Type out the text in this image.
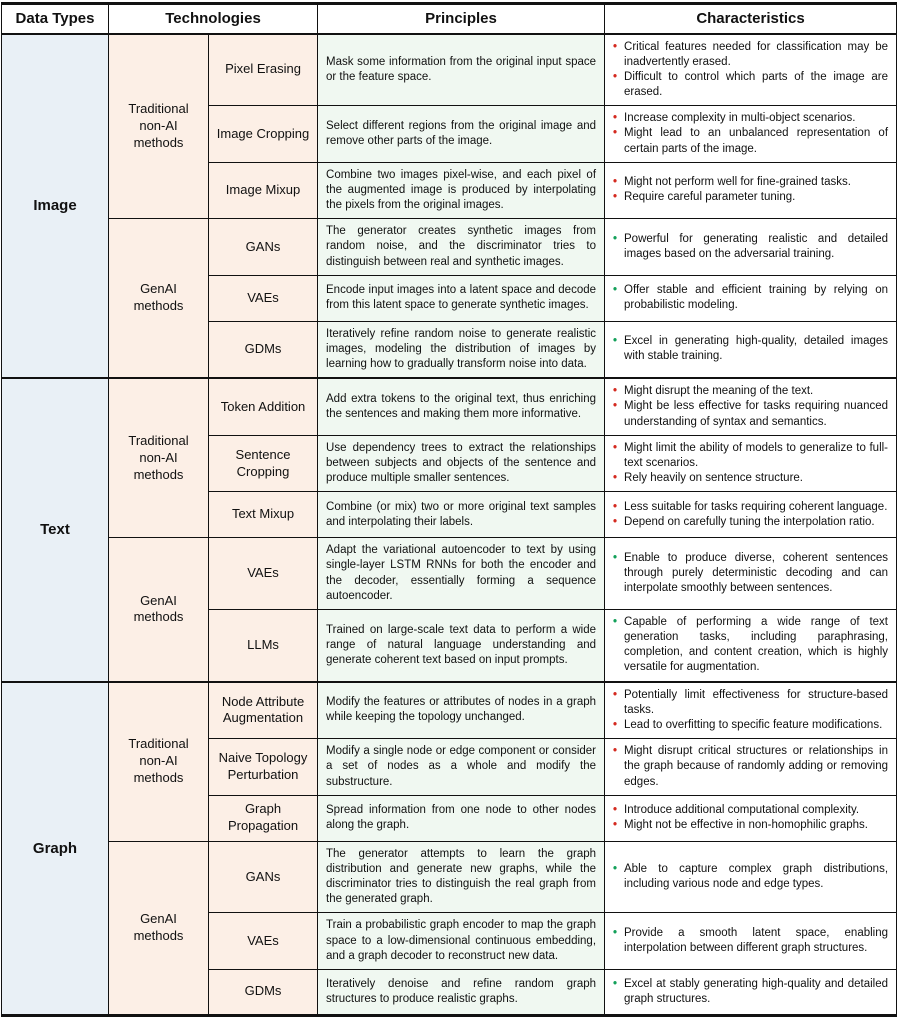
Data Types	Technologies		Principles	Characteristics
Image	Traditional non-AI methods	Pixel Erasing	Mask some information from the original input space or the feature space.	
• Critical features needed for classification may be inadvertently erased.
• Difficult to control which parts of the image are erased.

Image Cropping	Select different regions from the original image and remove other parts of the image.	
• Increase complexity in multi-object scenarios.
• Might lead to an unbalanced representation of certain parts of the image.

Image Mixup	Combine two images pixel-wise, and each pixel of the augmented image is produced by interpolating the pixels from the original images.	
• Might not perform well for fine-grained tasks.
• Require careful parameter tuning.

GenAI methods	GANs	The generator creates synthetic images from random noise, and the discriminator tries to distinguish between real and synthetic images.	
• Powerful for generating realistic and detailed images based on the adversarial training.

VAEs	Encode input images into a latent space and decode from this latent space to generate synthetic images.	
• Offer stable and efficient training by relying on probabilistic modeling.

GDMs	Iteratively refine random noise to generate realistic images, modeling the distribution of images by learning how to gradually transform noise into data.	
• Excel in generating high-quality, detailed images with stable training.

Text	Traditional non-AI methods	Token Addition	Add extra tokens to the original text, thus enriching the sentences and making them more informative.	
• Might disrupt the meaning of the text.
• Might be less effective for tasks requiring nuanced understanding of syntax and semantics.

Sentence Cropping	Use dependency trees to extract the relationships between subjects and objects of the sentence and produce multiple smaller sentences.	
• Might limit the ability of models to generalize to full-text scenarios.
• Rely heavily on sentence structure.

Text Mixup	Combine (or mix) two or more original text samples and interpolating their labels.	
• Less suitable for tasks requiring coherent language.
• Depend on carefully tuning the interpolation ratio.

GenAI methods	VAEs	Adapt the variational autoencoder to text by using single-layer LSTM RNNs for both the encoder and the decoder, essentially forming a sequence autoencoder.	
• Enable to produce diverse, coherent sentences through purely deterministic decoding and can interpolate smoothly between sentences.

LLMs	Trained on large-scale text data to perform a wide range of natural language understanding and generate coherent text based on input prompts.	
• Capable of performing a wide range of text generation tasks, including paraphrasing, completion, and content creation, which is highly versatile for augmentation.

Graph	Traditional non-AI methods	Node Attribute Augmentation	Modify the features or attributes of nodes in a graph while keeping the topology unchanged.	
• Potentially limit effectiveness for structure-based tasks.
• Lead to overfitting to specific feature modifications.

Naive Topology Perturbation	Modify a single node or edge component or consider a set of nodes as a whole and modify the substructure.	
• Might disrupt critical structures or relationships in the graph because of randomly adding or removing edges.

Graph Propagation	Spread information from one node to other nodes along the graph.	
• Introduce additional computational complexity.
• Might not be effective in non-homophilic graphs.

GenAI methods	GANs	The generator attempts to learn the graph distribution and generate new graphs, while the discriminator tries to distinguish the real graph from the generated graph.	
• Able to capture complex graph distributions, including various node and edge types.

VAEs	Train a probabilistic graph encoder to map the graph space to a low-dimensional continuous embedding, and a graph decoder to reconstruct new data.	
• Provide a smooth latent space, enabling interpolation between different graph structures.

GDMs	Iteratively denoise and refine random graph structures to produce realistic graphs.	
• Excel at stably generating high-quality and detailed graph structures.
